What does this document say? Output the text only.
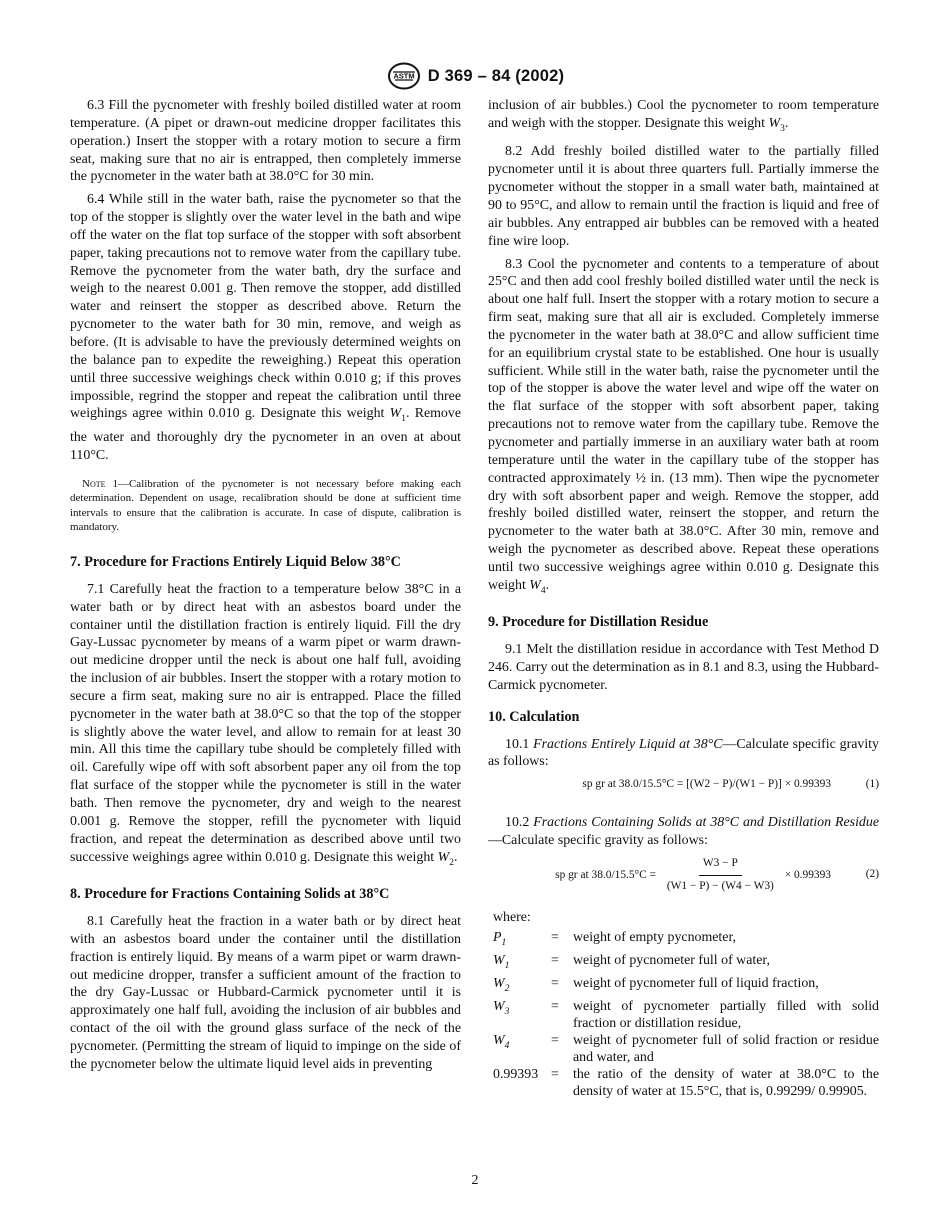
ASTM D 369 – 84 (2002)

6.3 Fill the pycnometer with freshly boiled distilled water at room temperature. (A pipet or drawn-out medicine dropper facilitates this operation.) Insert the stopper with a rotary motion to secure a firm seat, making sure that no air is entrapped, then completely immerse the pycnometer in the water bath at 38.0°C for 30 min.

6.4 While still in the water bath, raise the pycnometer so that the top of the stopper is slightly over the water level in the bath and wipe off the water on the flat top surface of the stopper with soft absorbent paper, taking precautions not to remove water from the capillary tube. Remove the pycnometer from the water bath, dry the surface and weigh to the nearest 0.001 g. Then remove the stopper, add distilled water and reinsert the stopper as described above. Return the pycnometer to the water bath for 30 min, remove, and weigh as before. (It is advisable to have the previously determined weights on the balance pan to expedite the reweighing.) Repeat this operation until three successive weighings check within 0.010 g; if this proves impossible, regrind the stopper and repeat the calibration until three weighings agree within 0.010 g. Designate this weight $W_1$. Remove the water and thoroughly dry the pycnometer in an oven at about 110°C.

Note 1—Calibration of the pycnometer is not necessary before making each determination. Dependent on usage, recalibration should be done at sufficient time intervals to ensure that the calibration is accurate. In case of dispute, calibration is mandatory.

7. Procedure for Fractions Entirely Liquid Below 38°C

7.1 Carefully heat the fraction to a temperature below 38°C in a water bath or by direct heat with an asbestos board under the container until the distillation fraction is entirely liquid. Fill the dry Gay-Lussac pycnometer by means of a warm pipet or warm drawn-out medicine dropper until the neck is about one half full, avoiding the inclusion of air bubbles. Insert the stopper with a rotary motion to secure a firm seat, making sure no air is entrapped. Place the filled pycnometer in the water bath at 38.0°C so that the top of the stopper is slightly above the water level, and allow to remain for at least 30 min. All this time the capillary tube should be completely filled with oil. Carefully wipe off with soft absorbent paper any oil from the top flat surface of the stopper while the pycnometer is still in the water bath. Then remove the pycnometer, dry and weigh to the nearest 0.001 g. Remove the stopper, refill the pycnometer with liquid fraction, and repeat the determination as described above until two successive weighings agree within 0.010 g. Designate this weight $W_2$.

8. Procedure for Fractions Containing Solids at 38°C

8.1 Carefully heat the fraction in a water bath or by direct heat with an asbestos board under the container until the distillation fraction is entirely liquid. By means of a warm pipet or warm drawn-out medicine dropper, transfer a sufficient amount of the fraction to the dry Gay-Lussac or Hubbard-Carmick pycnometer until it is approximately one half full, avoiding the inclusion of air bubbles and contact of the oil with the ground glass surface of the neck of the pycnometer. (Permitting the stream of liquid to impinge on the side of the pycnometer below the ultimate liquid level aids in preventing

inclusion of air bubbles.) Cool the pycnometer to room temperature and weigh with the stopper. Designate this weight $W_3$.

8.2 Add freshly boiled distilled water to the partially filled pycnometer until it is about three quarters full. Partially immerse the pycnometer without the stopper in a small water bath, maintained at 90 to 95°C, and allow to remain until the fraction is liquid and free of air bubbles. Any entrapped air bubbles can be removed with a heated fine wire loop.

8.3 Cool the pycnometer and contents to a temperature of about 25°C and then add cool freshly boiled distilled water until the neck is about one half full. Insert the stopper with a rotary motion to secure a firm seat, making sure that all air is excluded. Completely immerse the pycnometer in the water bath at 38.0°C and allow sufficient time for an equilibrium crystal state to be established. One hour is usually sufficient. While still in the water bath, raise the pycnometer until the top of the stopper is above the water level and wipe off the water on the flat surface of the stopper with soft absorbent paper, taking precautions not to remove water from the capillary tube. Remove the pycnometer and partially immerse in an auxiliary water bath at room temperature until the water in the capillary tube of the stopper has contracted approximately ½ in. (13 mm). Then wipe the pycnometer dry with soft absorbent paper and weigh. Remove the stopper, add freshly boiled distilled water, reinsert the stopper, and return the pycnometer to the water bath at 38.0°C. After 30 min, remove and weigh the pycnometer as described above. Repeat these operations until two successive weighings agree within 0.010 g. Designate this weight $W_4$.

9. Procedure for Distillation Residue

9.1 Melt the distillation residue in accordance with Test Method D 246. Carry out the determination as in 8.1 and 8.3, using the Hubbard-Carmick pycnometer.

10. Calculation

10.1 Fractions Entirely Liquid at 38°C—Calculate specific gravity as follows:

sp gr at 38.0/15.5°C = [(W2 − P)/(W1 − P)] × 0.99393	(1)

10.2 Fractions Containing Solids at 38°C and Distillation Residue—Calculate specific gravity as follows:

sp gr at $38.0/15.5^\circ C = \frac{W3 - P}{(W1 - P) - (W4 - W3)} \times 0.99393$	(2)
where:
$P_1$	=	weight of empty pycnometer,
$W_1$	=	weight of pycnometer full of water,
$W_2$	=	weight of pycnometer full of liquid fraction,
$W_3$	=	weight of pycnometer partially filled with solid fraction or distillation residue,
$W_4$	=	weight of pycnometer full of solid fraction or residue and water, and
0.99393	=	the ratio of the density of water at 38.0°C to the density of water at 15.5°C, that is, 0.99299/ 0.99905.
2
